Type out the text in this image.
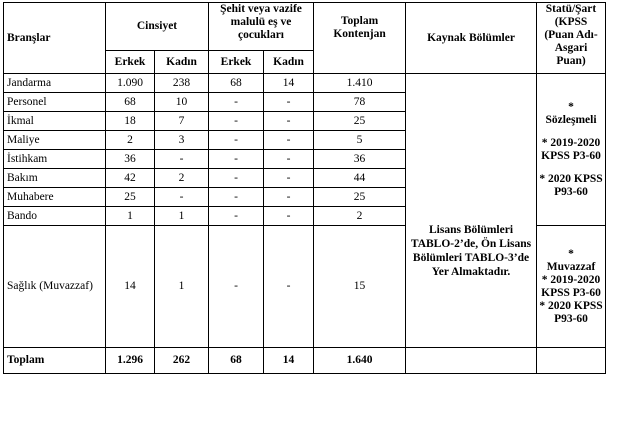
Branşlar	Cinsiyet		Şehit veya vazife malulü eş ve çocukları		Toplam Kontenjan	Kaynak Bölümler	Statü/Şart (KPSS (Puan Adı-Asgari Puan)
	Erkek	Kadın	Erkek	Kadın			
Jandarma	1.090	238	68	14	1.410	Lisans Bölümleri TABLO-2’de, Ön Lisans Bölümleri TABLO-3’de Yer Almaktadır.	*
Sözleşmeli
* 2019-2020 KPSS P3-60
* 2020 KPSS P93-60

Personel	68	10	-	-	78		
İkmal	18	7	-	-	25		
Maliye	2	3	-	-	5		
İstihkam	36	-	-	-	36		
Bakım	42	2	-	-	44		
Muhabere	25	-	-	-	25		
Bando	1	1	-	-	2		
Sağlık (Muvazzaf)	14	1	-	-	15		*
Muvazzaf
* 2019-2020 KPSS P3-60
* 2020 KPSS P93-60

Toplam	1.296	262	68	14	1.640		
